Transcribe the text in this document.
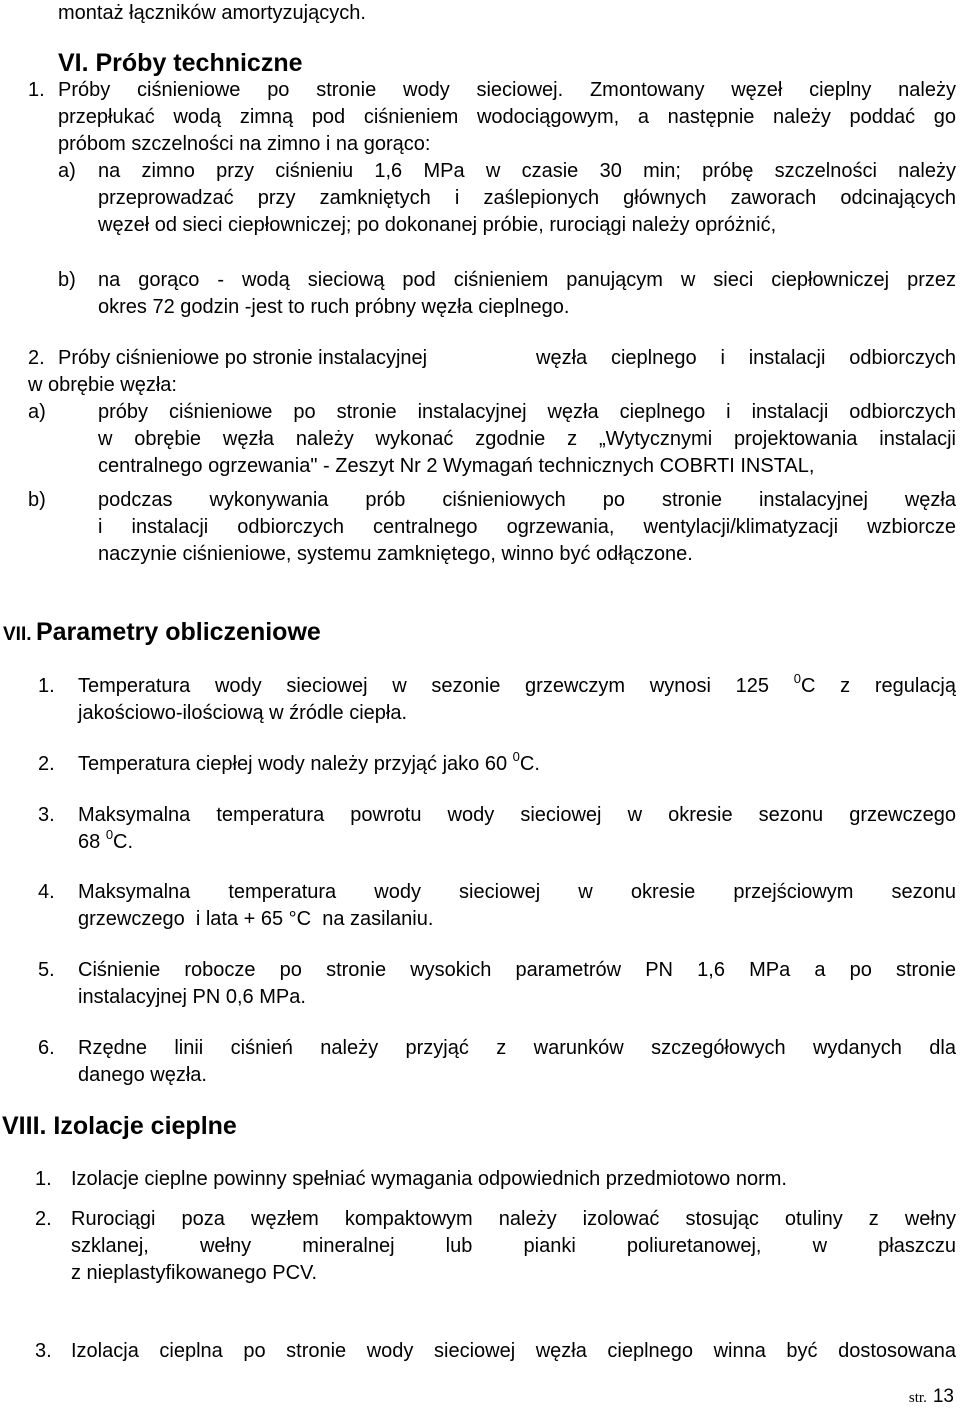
montaż łączników amortyzujących.

VI. Próby techniczne
1. Próby ciśnieniowe po stronie wody sieciowej. Zmontowany węzeł cieplny należy

przepłukać wodą zimną pod ciśnieniem wodociągowym, a następnie należy poddać go

próbom szczelności na zimno i na gorąco:

a) na zimno przy ciśnieniu 1,6 MPa w czasie 30 min; próbę szczelności należy

przeprowadzać przy zamkniętych i zaślepionych głównych zaworach odcinających

węzeł od sieci ciepłowniczej; po dokonanej próbie, rurociągi należy opróżnić,

b) na gorąco - wodą sieciową pod ciśnieniem panującym w sieci ciepłowniczej przez

okres 72 godzin -jest to ruch próbny węzła cieplnego.

2. Próby ciśnieniowe po stronie instalacyjnej	węzła cieplnego i instalacji odbiorczych

w obrębie węzła:

a)	próby ciśnieniowe po stronie instalacyjnej węzła cieplnego i instalacji odbiorczych

w obrębie węzła należy wykonać zgodnie z „Wytycznymi projektowania instalacji

centralnego ogrzewania" - Zeszyt Nr 2 Wymagań technicznych COBRTI INSTAL,

b)	podczas wykonywania prób ciśnieniowych po stronie instalacyjnej węzła

i instalacji odbiorczych centralnego ogrzewania, wentylacji/klimatyzacji wzbiorcze

naczynie ciśnieniowe, systemu zamkniętego, winno być odłączone.

VII. Parametry obliczeniowe
1. Temperatura wody sieciowej w sezonie grzewczym wynosi 125 $^0$C z regulacją

jakościowo-ilościową w źródle ciepła.

2. Temperatura ciepłej wody należy przyjąć jako 60 $^0$C.

3. Maksymalna temperatura powrotu wody sieciowej w okresie sezonu grzewczego

68 $^0$C.

4. Maksymalna temperatura wody sieciowej w okresie przejściowym sezonu

grzewczego  i lata + 65 °C  na zasilaniu.

5. Ciśnienie robocze po stronie wysokich parametrów PN 1,6 MPa a po stronie

instalacyjnej PN 0,6 MPa.

6. Rzędne linii ciśnień należy przyjąć z warunków szczegółowych wydanych dla

danego węzła.

VIII. Izolacje cieplne
1. Izolacje cieplne powinny spełniać wymagania odpowiednich przedmiotowo norm.

2. Rurociągi poza węzłem kompaktowym należy izolować stosując otuliny z wełny

szklanej, wełny mineralnej lub pianki poliuretanowej, w płaszczu

z nieplastyfikowanego PCV.

3. Izolacja cieplna po stronie wody sieciowej węzła cieplnego winna być dostosowana

str. 13
